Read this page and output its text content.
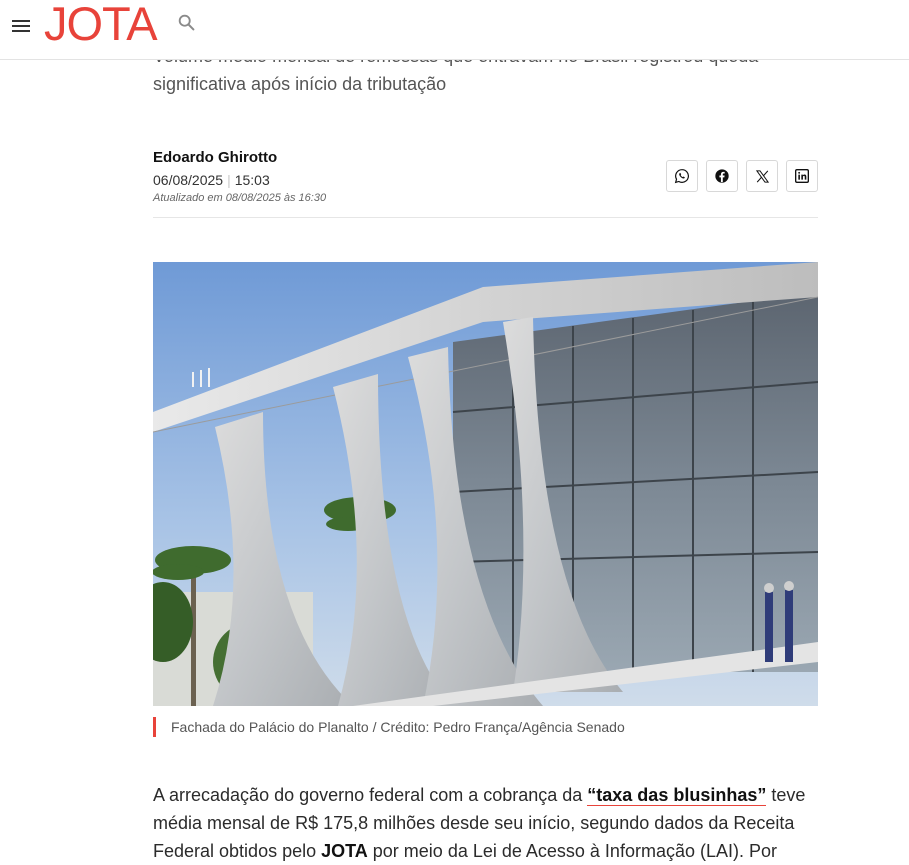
JOTA
significativa após início da tributação
Edoardo Ghirotto
06/08/2025 | 15:03
Atualizado em 08/08/2025 às 16:30
Fachada do Palácio do Planalto / Crédito: Pedro França/Agência Senado
A arrecadação do governo federal com a cobrança da “taxa das blusinhas” teve média mensal de R$ 175,8 milhões desde seu início, segundo dados da Receita Federal obtidos pelo JOTA por meio da Lei de Acesso à Informação (LAI). Por
